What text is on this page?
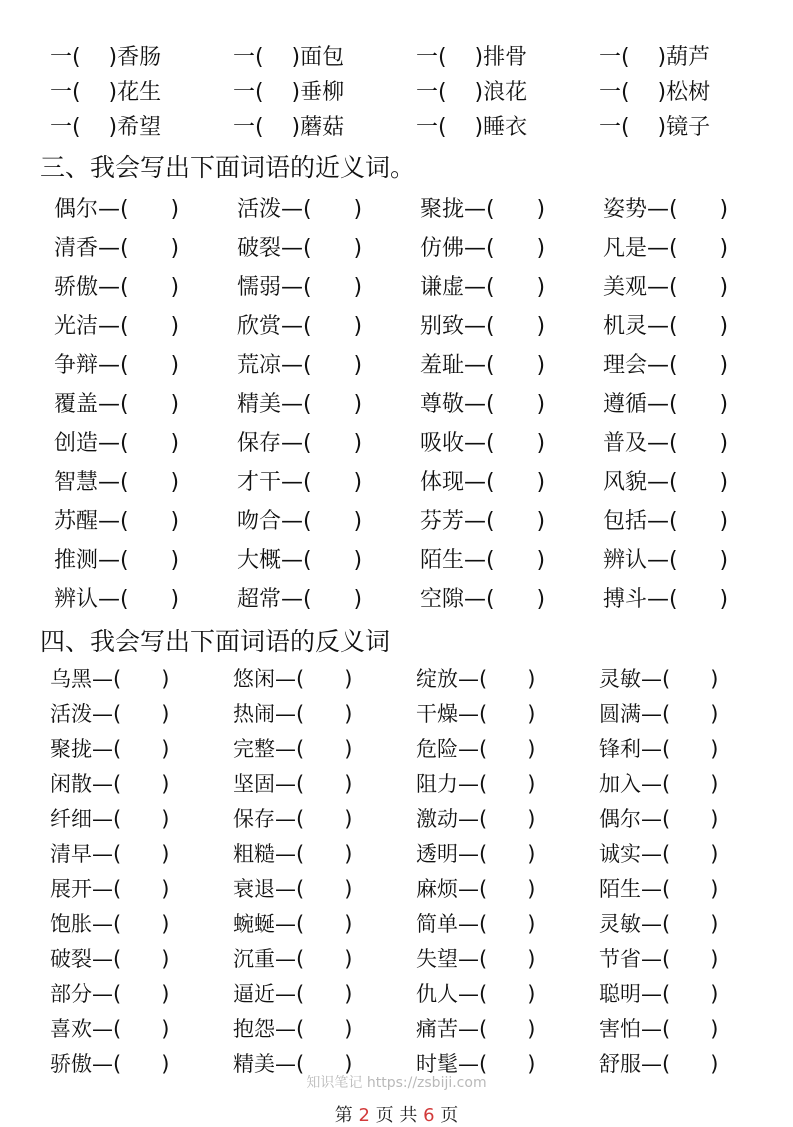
一(    )香肠	一(    )面包	一(    )排骨	一(    )葫芦
一(    )花生	一(    )垂柳	一(    )浪花	一(    )松树
一(    )希望	一(    )蘑菇	一(    )睡衣	一(    )镜子
三、我会写出下面词语的近义词。
偶尔—(      )	活泼—(      )	聚拢—(      )	姿势—(      )
清香—(      )	破裂—(      )	仿佛—(      )	凡是—(      )
骄傲—(      )	懦弱—(      )	谦虚—(      )	美观—(      )
光洁—(      )	欣赏—(      )	别致—(      )	机灵—(      )
争辩—(      )	荒凉—(      )	羞耻—(      )	理会—(      )
覆盖—(      )	精美—(      )	尊敬—(      )	遵循—(      )
创造—(      )	保存—(      )	吸收—(      )	普及—(      )
智慧—(      )	才干—(      )	体现—(      )	风貌—(      )
苏醒—(      )	吻合—(      )	芬芳—(      )	包括—(      )
推测—(      )	大概—(      )	陌生—(      )	辨认—(      )
辨认—(      )	超常—(      )	空隙—(      )	搏斗—(      )
四、我会写出下面词语的反义词
乌黑—(      )	悠闲—(      )	绽放—(      )	灵敏—(      )
活泼—(      )	热闹—(      )	干燥—(      )	圆满—(      )
聚拢—(      )	完整—(      )	危险—(      )	锋利—(      )
闲散—(      )	坚固—(      )	阻力—(      )	加入—(      )
纤细—(      )	保存—(      )	激动—(      )	偶尔—(      )
清早—(      )	粗糙—(      )	透明—(      )	诚实—(      )
展开—(      )	衰退—(      )	麻烦—(      )	陌生—(      )
饱胀—(      )	蜿蜒—(      )	简单—(      )	灵敏—(      )
破裂—(      )	沉重—(      )	失望—(      )	节省—(      )
部分—(      )	逼近—(      )	仇人—(      )	聪明—(      )
喜欢—(      )	抱怨—(      )	痛苦—(      )	害怕—(      )
骄傲—(      )	精美—(      )	时髦—(      )	舒服—(      )
知识笔记 https://zsbiji.com
第 2 页 共 6 页
